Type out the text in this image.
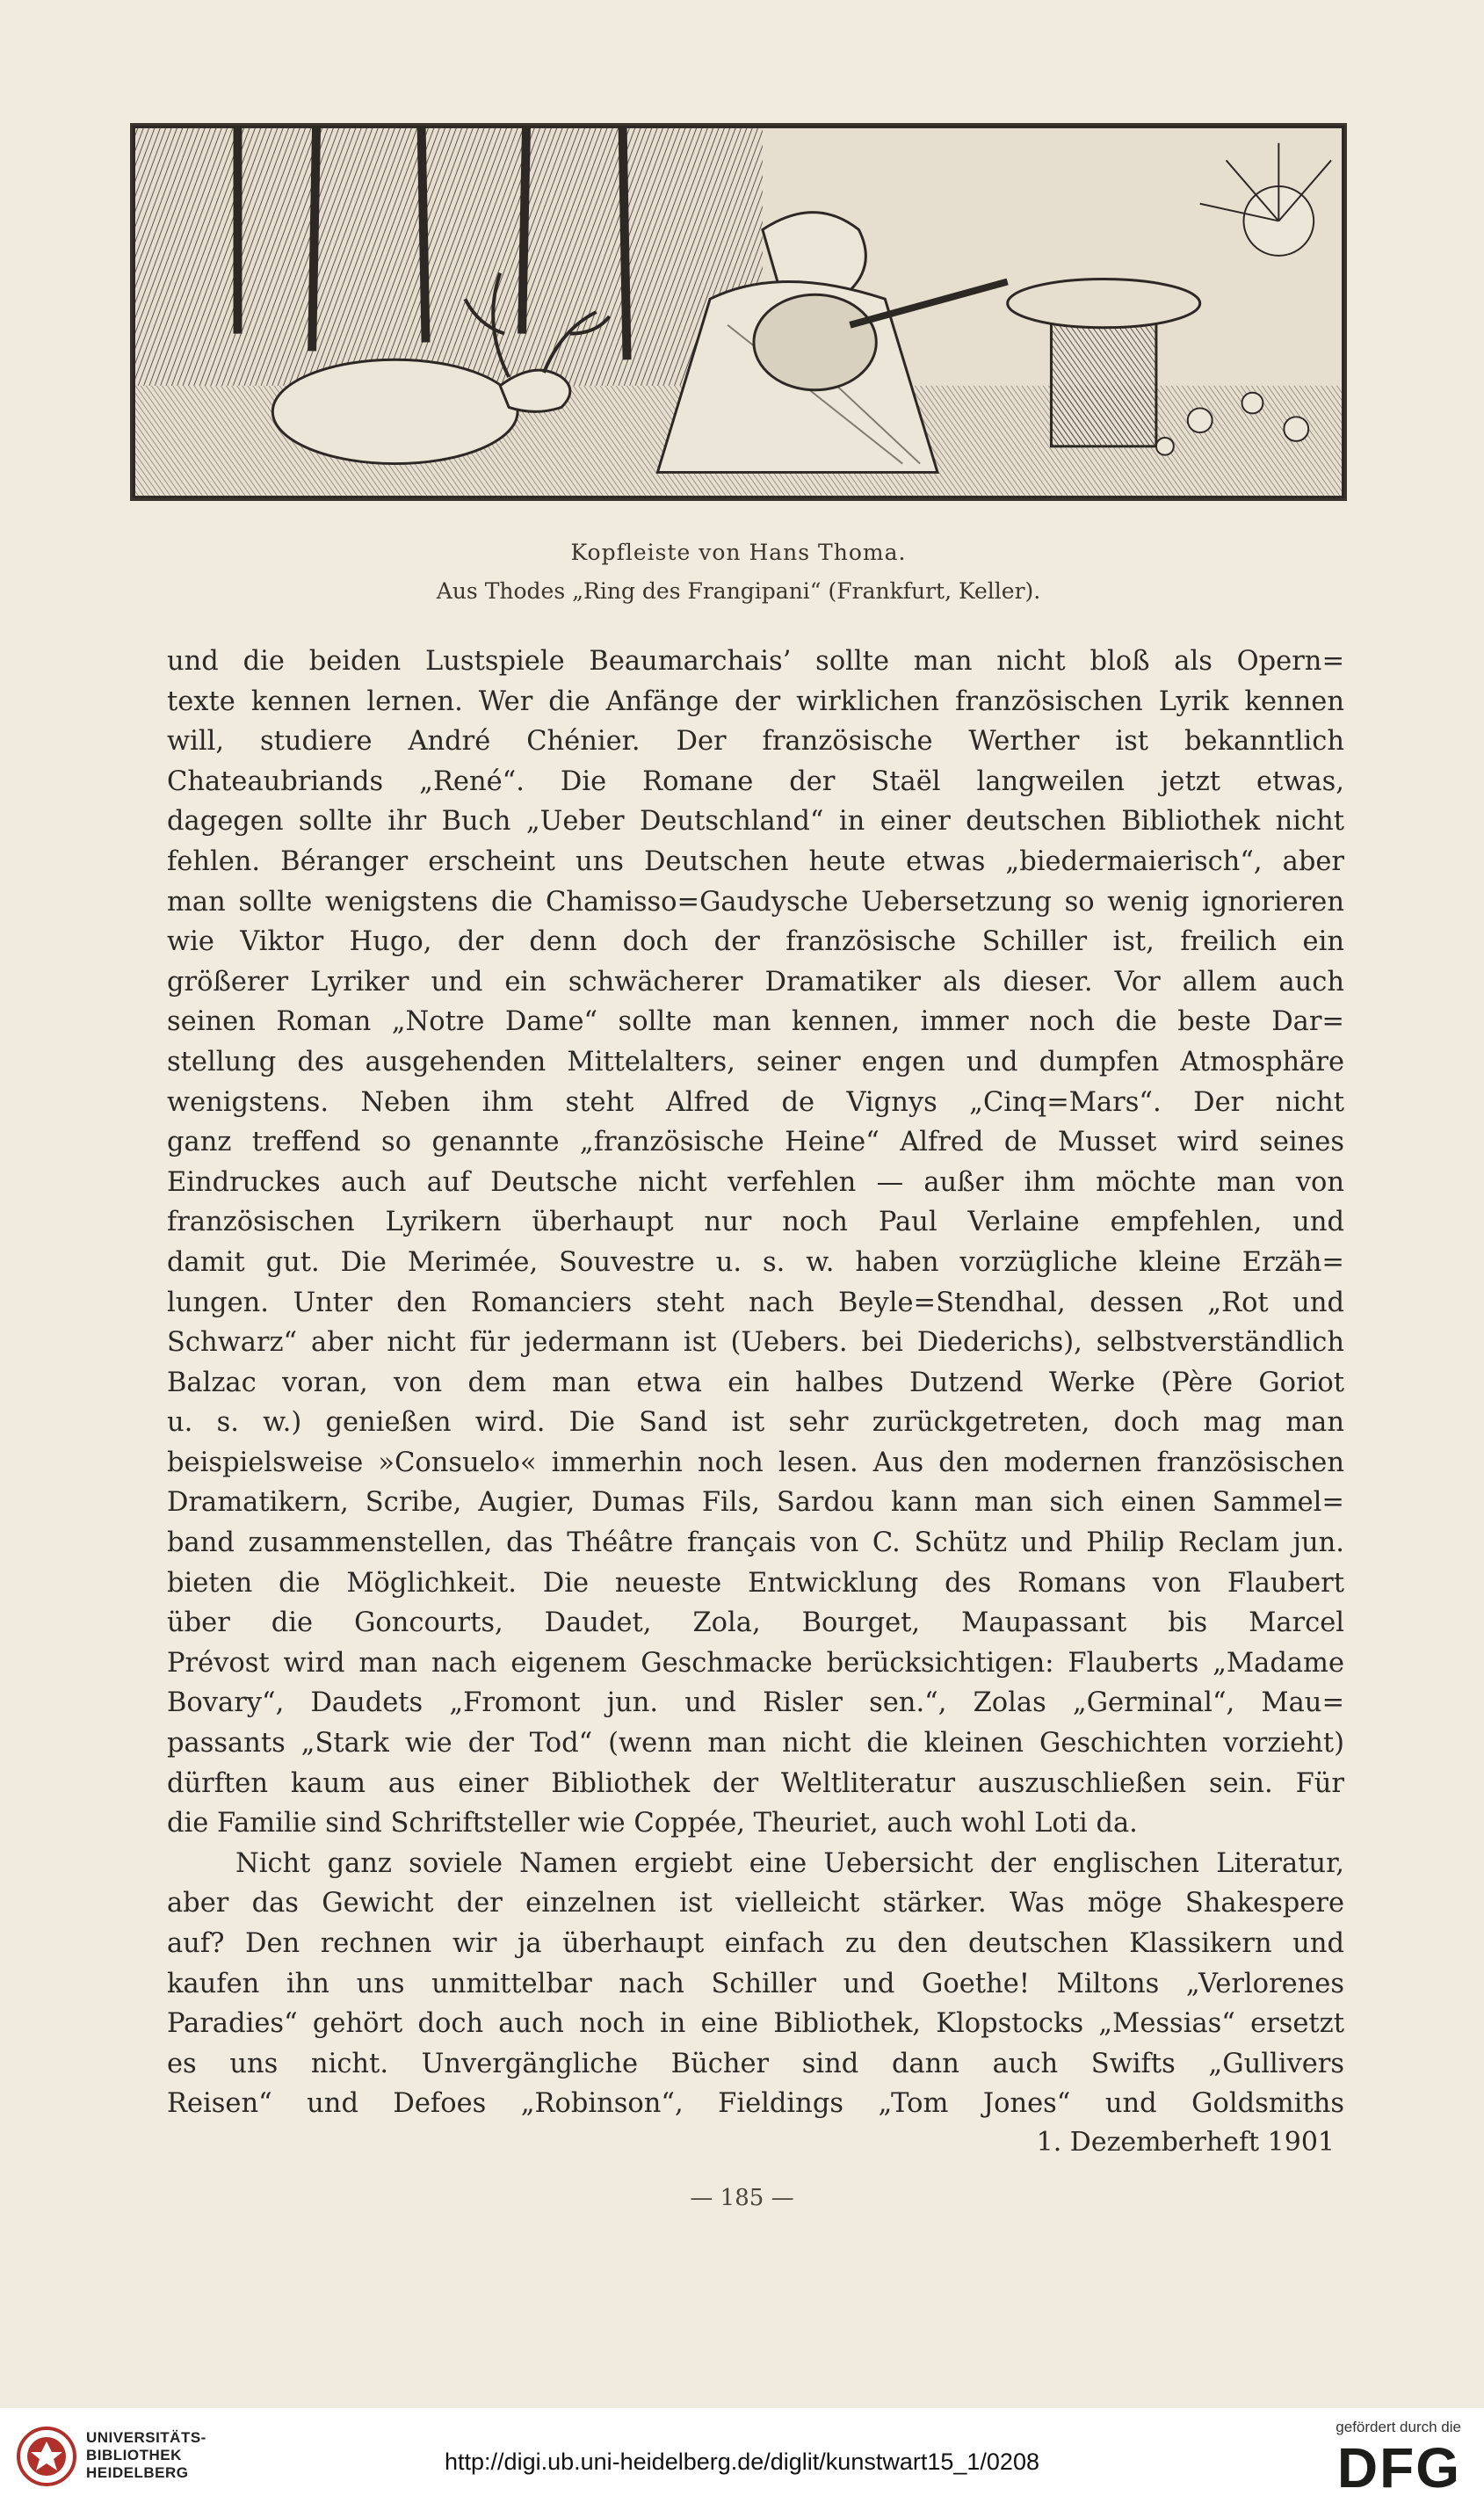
Kopfleiste von Hans Thoma.
Aus Thodes „Ring des Frangipani“ (Frankfurt, Keller).
und die beiden Lustspiele Beaumarchais’ sollte man nicht bloß als Opern=
texte kennen lernen. Wer die Anfänge der wirklichen französischen Lyrik kennen
will, studiere André Chénier. Der französische Werther ist bekanntlich
Chateaubriands „René“. Die Romane der Staël langweilen jetzt etwas,
dagegen sollte ihr Buch „Ueber Deutschland“ in einer deutschen Bibliothek nicht
fehlen. Béranger erscheint uns Deutschen heute etwas „biedermaierisch“, aber
man sollte wenigstens die Chamisso=Gaudysche Uebersetzung so wenig ignorieren
wie Viktor Hugo, der denn doch der französische Schiller ist, freilich ein
größerer Lyriker und ein schwächerer Dramatiker als dieser. Vor allem auch
seinen Roman „Notre Dame“ sollte man kennen, immer noch die beste Dar=
stellung des ausgehenden Mittelalters, seiner engen und dumpfen Atmosphäre
wenigstens. Neben ihm steht Alfred de Vignys „Cinq=Mars“. Der nicht
ganz treffend so genannte „französische Heine“ Alfred de Musset wird seines
Eindruckes auch auf Deutsche nicht verfehlen — außer ihm möchte man von
französischen Lyrikern überhaupt nur noch Paul Verlaine empfehlen, und
damit gut. Die Merimée, Souvestre u. s. w. haben vorzügliche kleine Erzäh=
lungen. Unter den Romanciers steht nach Beyle=Stendhal, dessen „Rot und
Schwarz“ aber nicht für jedermann ist (Uebers. bei Diederichs), selbstverständlich
Balzac voran, von dem man etwa ein halbes Dutzend Werke (Père Goriot
u. s. w.) genießen wird. Die Sand ist sehr zurückgetreten, doch mag man
beispielsweise »Consuelo« immerhin noch lesen. Aus den modernen französischen
Dramatikern, Scribe, Augier, Dumas Fils, Sardou kann man sich einen Sammel=
band zusammenstellen, das Théâtre français von C. Schütz und Philip Reclam jun.
bieten die Möglichkeit. Die neueste Entwicklung des Romans von Flaubert
über die Goncourts, Daudet, Zola, Bourget, Maupassant bis Marcel
Prévost wird man nach eigenem Geschmacke berücksichtigen: Flauberts „Madame
Bovary“, Daudets „Fromont jun. und Risler sen.“, Zolas „Germinal“, Mau=
passants „Stark wie der Tod“ (wenn man nicht die kleinen Geschichten vorzieht)
dürften kaum aus einer Bibliothek der Weltliteratur auszuschließen sein. Für
die Familie sind Schriftsteller wie Coppée, Theuriet, auch wohl Loti da.
Nicht ganz soviele Namen ergiebt eine Uebersicht der englischen Literatur,
aber das Gewicht der einzelnen ist vielleicht stärker. Was möge Shakespere
auf? Den rechnen wir ja überhaupt einfach zu den deutschen Klassikern und
kaufen ihn uns unmittelbar nach Schiller und Goethe! Miltons „Verlorenes
Paradies“ gehört doch auch noch in eine Bibliothek, Klopstocks „Messias“ ersetzt
es uns nicht. Unvergängliche Bücher sind dann auch Swifts „Gullivers
Reisen“ und Defoes „Robinson“, Fieldings „Tom Jones“ und Goldsmiths
1. Dezemberheft 1901
— 185 —
UNIVERSITÄTS-
BIBLIOTHEK
HEIDELBERG	http://digi.ub.uni-heidelberg.de/diglit/kunstwart15_1/0208
gefördert durch die
DFG
